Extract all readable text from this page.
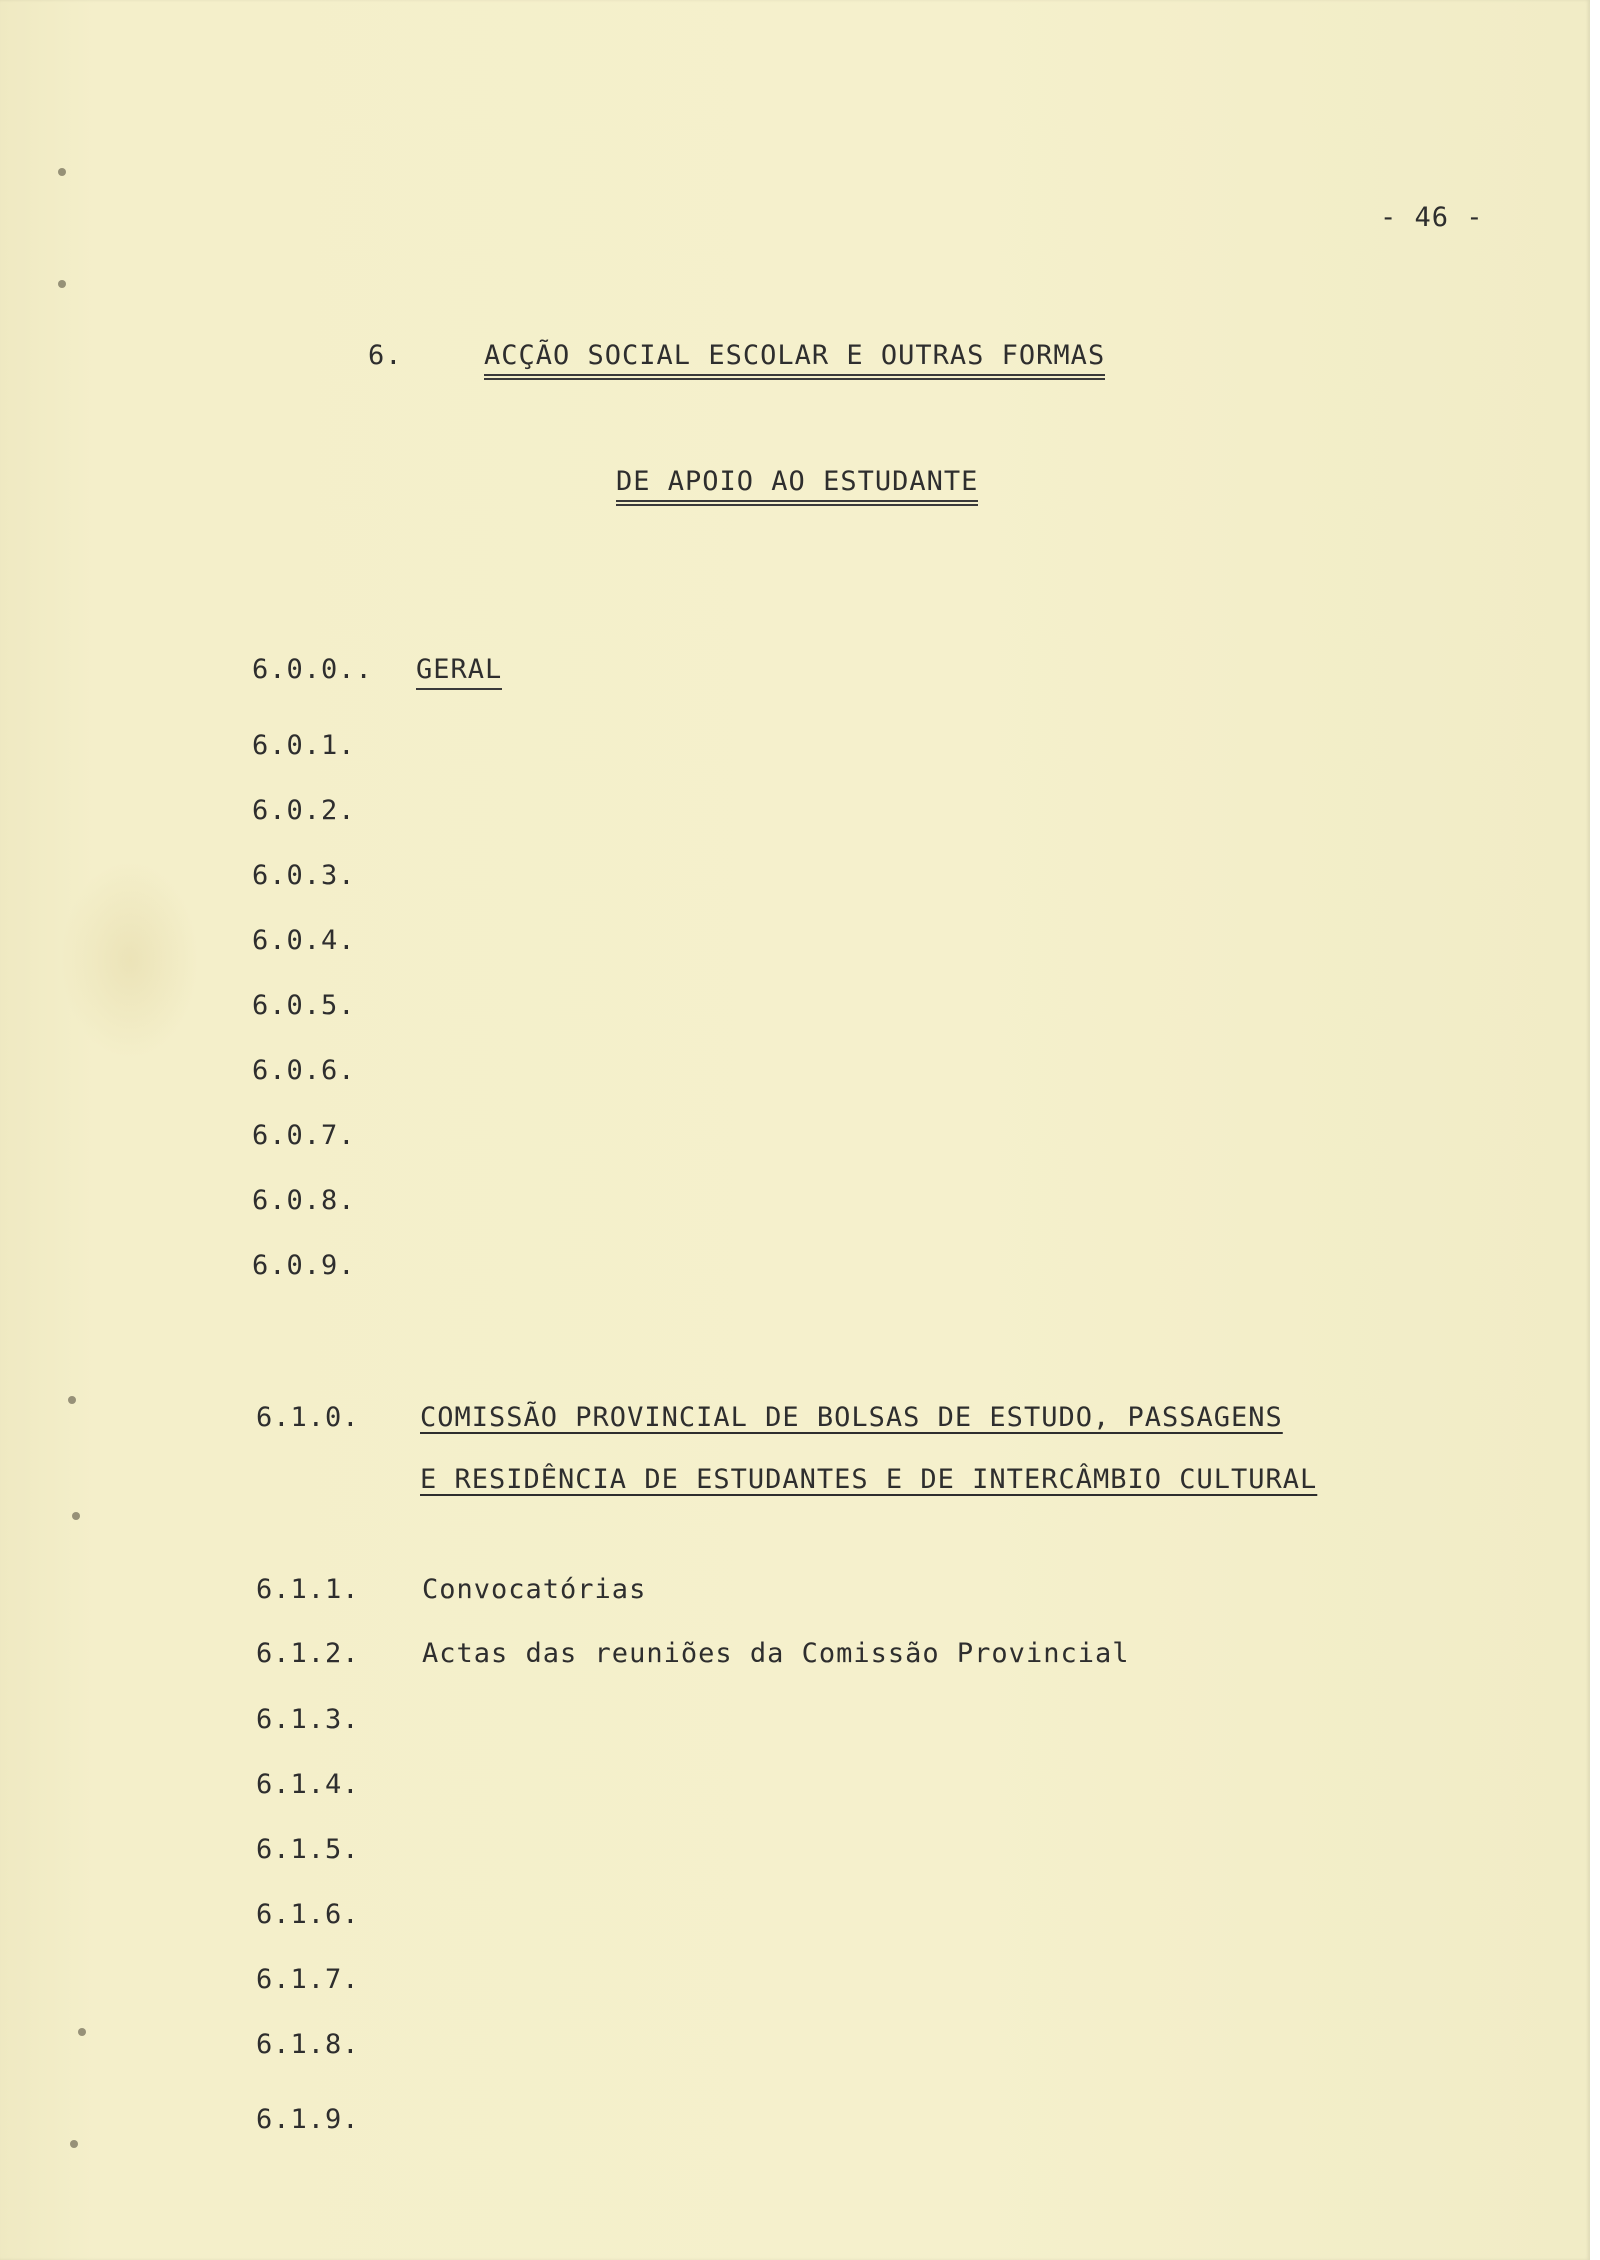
- 46 -
6.	ACÇÃO SOCIAL ESCOLAR E OUTRAS FORMAS
DE APOIO AO ESTUDANTE
6.0.0.. GERAL
6.0.1.
6.0.2.
6.0.3.
6.0.4.
6.0.5.
6.0.6.
6.0.7.
6.0.8.
6.0.9.
6.1.0. COMISSÃO PROVINCIAL DE BOLSAS DE ESTUDO, PASSAGENS
E RESIDÊNCIA DE ESTUDANTES E DE INTERCÂMBIO CULTURAL
6.1.1. Convocatórias
6.1.2. Actas das reuniões da Comissão Provincial
6.1.3.
6.1.4.
6.1.5.
6.1.6.
6.1.7.
6.1.8.
6.1.9.
